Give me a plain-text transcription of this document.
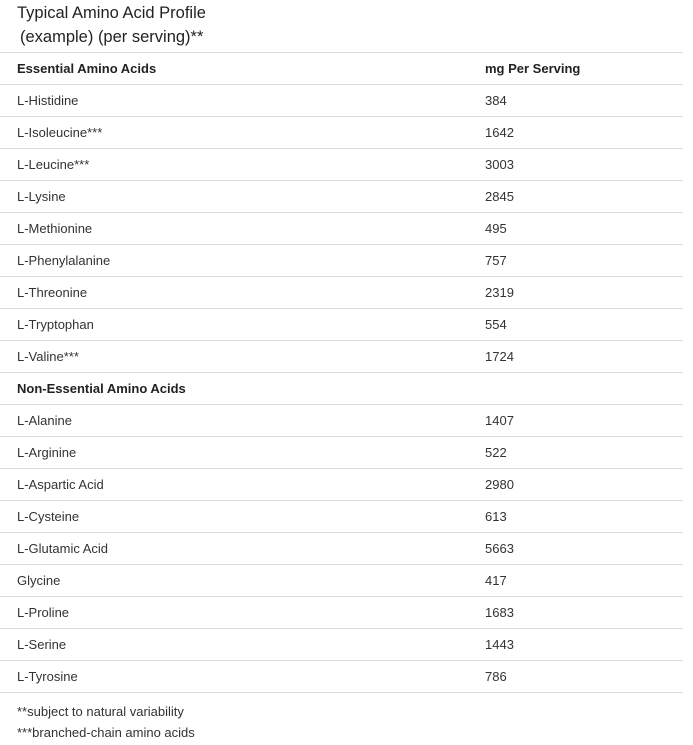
Typical Amino Acid Profile
(example) (per serving)**
Essential Amino Acids	mg Per Serving
L-Histidine	384
L-Isoleucine***	1642
L-Leucine***	3003
L-Lysine	2845
L-Methionine	495
L-Phenylalanine	757
L-Threonine	2319
L-Tryptophan	554
L-Valine***	1724
Non-Essential Amino Acids	
L-Alanine	1407
L-Arginine	522
L-Aspartic Acid	2980
L-Cysteine	613
L-Glutamic Acid	5663
Glycine	417
L-Proline	1683
L-Serine	1443
L-Tyrosine	786
**subject to natural variability
***branched-chain amino acids
